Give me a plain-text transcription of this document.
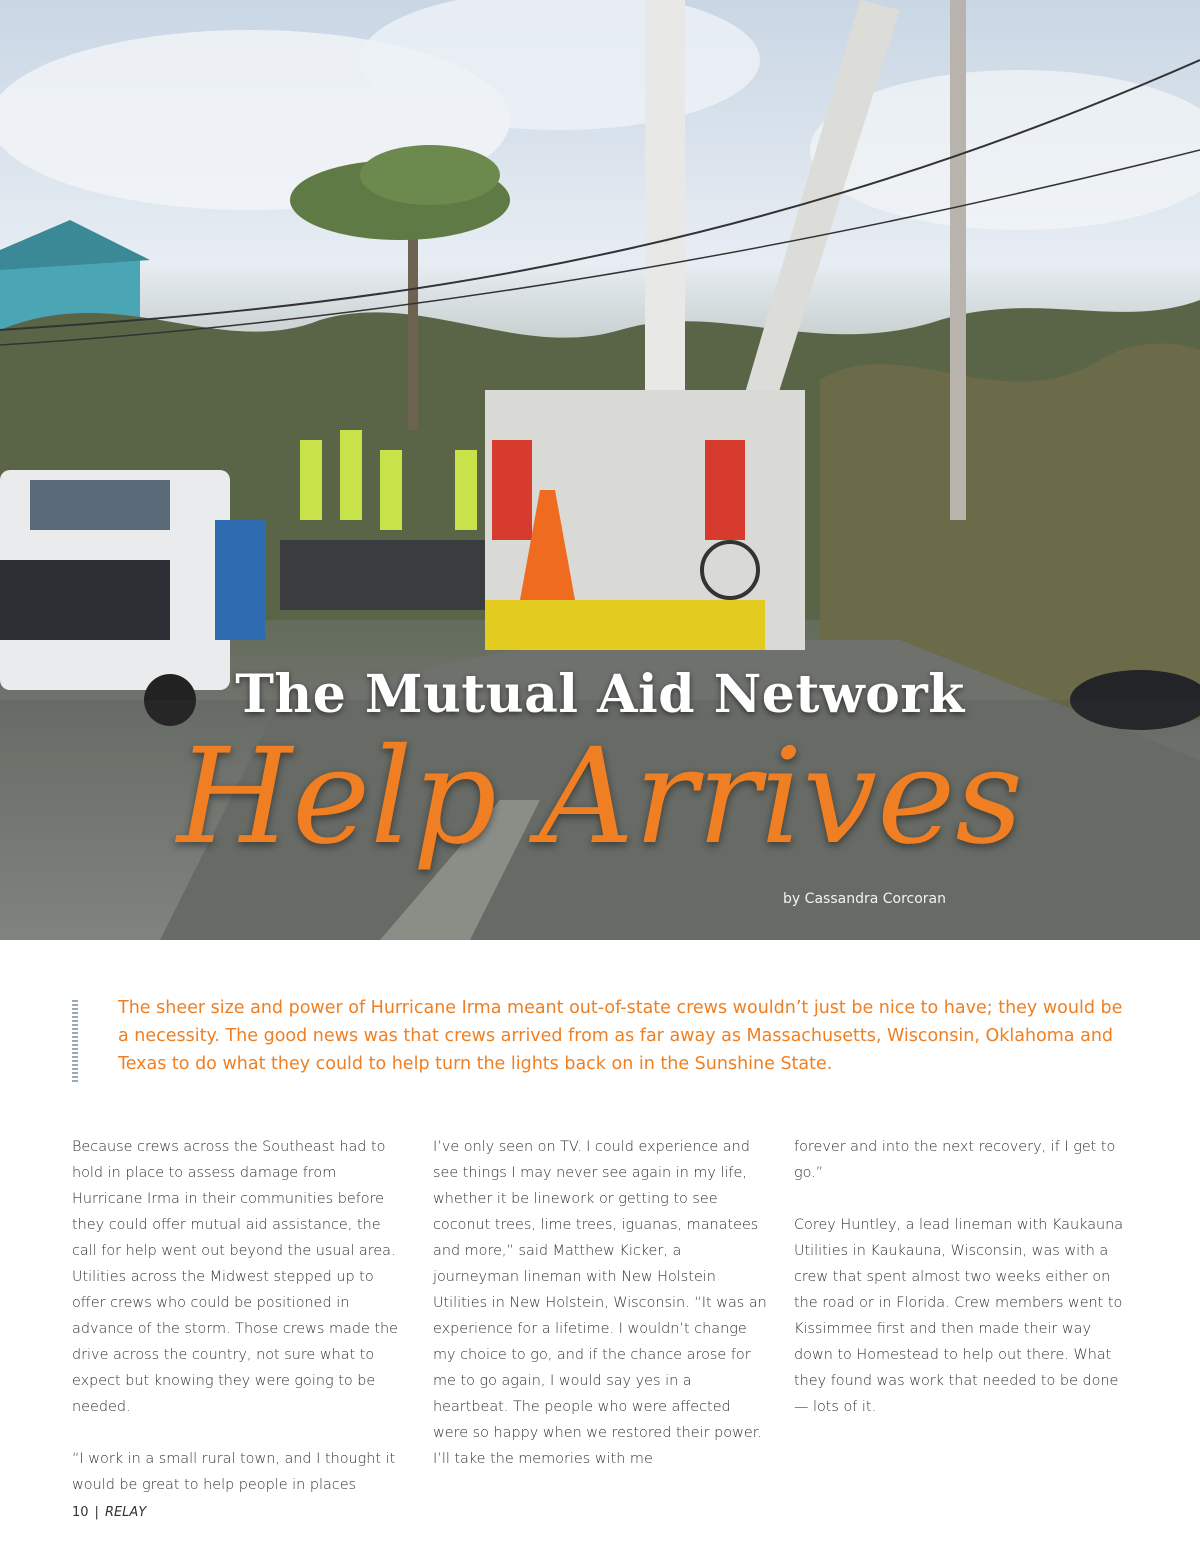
The Mutual Aid Network
Help Arrives
by Cassandra Corcoran

The sheer size and power of Hurricane Irma meant out-of-state crews wouldn’t just be nice to have; they would be a necessity. The good news was that crews arrived from as far away as Massachusetts, Wisconsin, Oklahoma and Texas to do what they could to help turn the lights back on in the Sunshine State.

Because crews across the Southeast had to hold in place to assess damage from Hurricane Irma in their communities before they could offer mutual aid assistance, the call for help went out beyond the usual area. Utilities across the Midwest stepped up to offer crews who could be positioned in advance of the storm. Those crews made the drive across the country, not sure what to expect but knowing they were going to be needed.

“I work in a small rural town, and I thought it would be great to help people in places

I’ve only seen on TV. I could experience and see things I may never see again in my life, whether it be linework or getting to see coconut trees, lime trees, iguanas, manatees and more,” said Matthew Kicker, a journeyman lineman with New Holstein Utilities in New Holstein, Wisconsin. “It was an experience for a lifetime. I wouldn’t change my choice to go, and if the chance arose for me to go again, I would say yes in a heartbeat. The people who were affected were so happy when we restored their power. I’ll take the memories with me

forever and into the next recovery, if I get to go.”

Corey Huntley, a lead lineman with Kaukauna Utilities in Kaukauna, Wisconsin, was with a crew that spent almost two weeks either on the road or in Florida. Crew members went to Kissimmee first and then made their way down to Homestead to help out there. What they found was work that needed to be done — lots of it.

10 | RELAY
